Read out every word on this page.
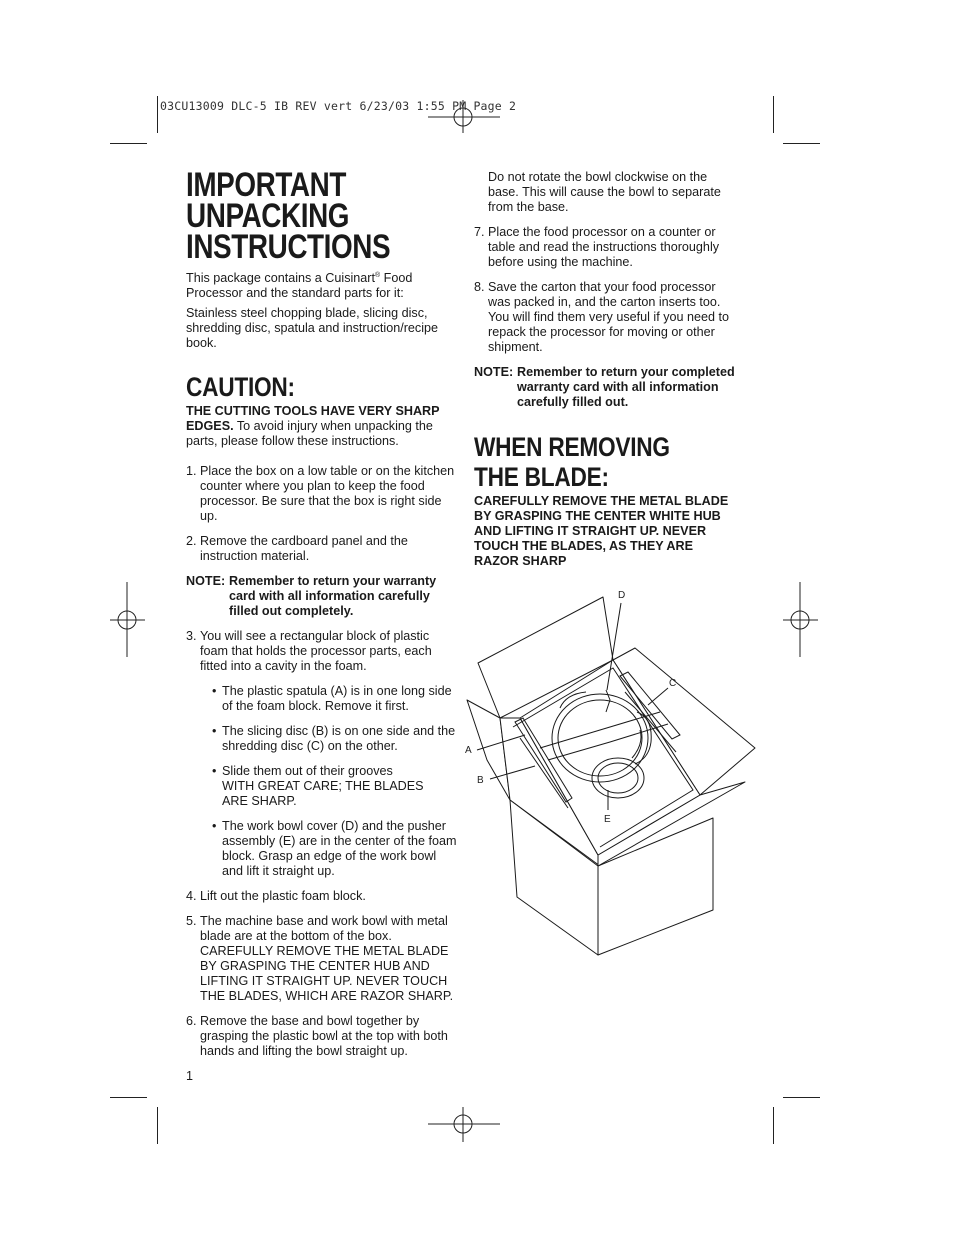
03CU13009 DLC-5 IB REV vert 6/23/03 1:55 PM Page 2
IMPORTANT
UNPACKING
INSTRUCTIONS

This package contains a Cuisinart® Food Processor and the standard parts for it:

Stainless steel chopping blade, slicing disc, shredding disc, spatula and instruction/recipe book.

CAUTION:

THE CUTTING TOOLS HAVE VERY SHARP EDGES. To avoid injury when unpacking the parts, please follow these instructions.

1. Place the box on a low table or on the kitchen counter where you plan to keep the food processor. Be sure that the box is right side up.
2. Remove the cardboard panel and the instruction material.
NOTE: Remember to return your warranty card with all information carefully filled out completely.
3. You will see a rectangular block of plastic foam that holds the processor parts, each fitted into a cavity in the foam.
• The plastic spatula (A) is in one long side of the foam block. Remove it first.
• The slicing disc (B) is on one side and the shredding disc (C) on the other.
• Slide them out of their grooves
WITH GREAT CARE; THE BLADES
ARE SHARP.
• The work bowl cover (D) and the pusher assembly (E) are in the center of the foam block. Grasp an edge of the work bowl and lift it straight up.
4. Lift out the plastic foam block.
5. The machine base and work bowl with metal blade are at the bottom of the box. CAREFULLY REMOVE THE METAL BLADE BY GRASPING THE CENTER HUB AND LIFTING IT STRAIGHT UP. NEVER TOUCH THE BLADES, WHICH ARE RAZOR SHARP.
6. Remove the base and bowl together by grasping the plastic bowl at the top with both hands and lifting the bowl straight up.
1

Do not rotate the bowl clockwise on the base. This will cause the bowl to separate from the base.

7. Place the food processor on a counter or table and read the instructions thoroughly before using the machine.
8. Save the carton that your food processor was packed in, and the carton inserts too. You will find them very useful if you need to repack the processor for moving or other shipment.
NOTE: Remember to return your completed warranty card with all information carefully filled out.
WHEN REMOVING
THE BLADE:

CAREFULLY REMOVE THE METAL BLADE BY GRASPING THE CENTER WHITE HUB AND LIFTING IT STRAIGHT UP. NEVER TOUCH THE BLADES, AS THEY ARE RAZOR SHARP

D
C
A
B
E
